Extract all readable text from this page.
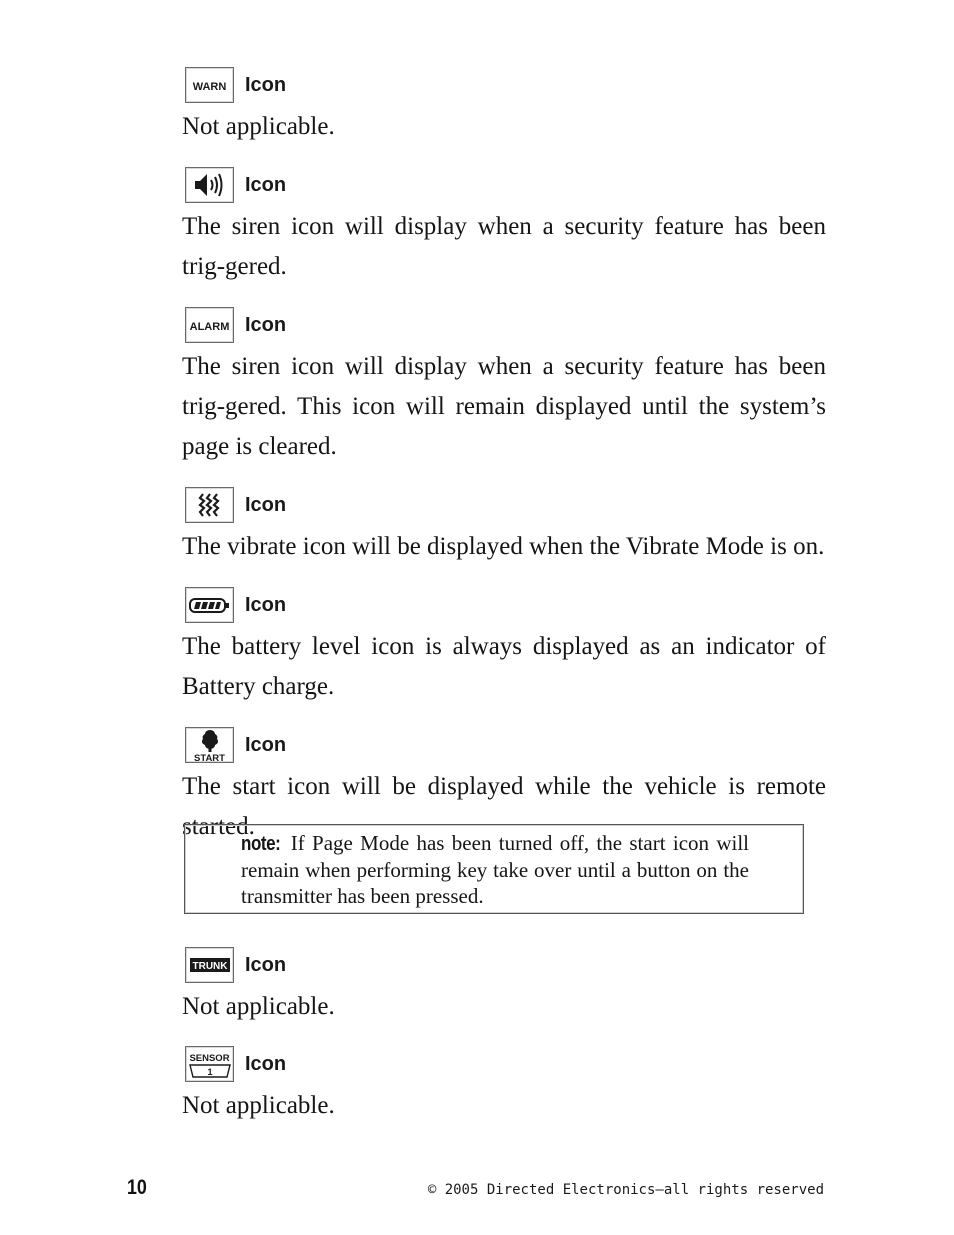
WARN Icon

Not applicable.

Icon

The siren icon will display when a security feature has been trig-gered.

ALARM Icon

The siren icon will display when a security feature has been trig-gered. This icon will remain displayed until the system’s page is cleared.

Icon

The vibrate icon will be displayed when the Vibrate Mode is on.

Icon

The battery level icon is always displayed as an indicator of Battery charge.

START
Icon

The start icon will be displayed while the vehicle is remote started.

note: If Page Mode has been turned off, the start icon will remain when performing key take over until a button on the transmitter has been pressed.
TRUNK Icon

Not applicable.

SENSOR
1 Icon

Not applicable.

10	© 2005 Directed Electronics—all rights reserved
